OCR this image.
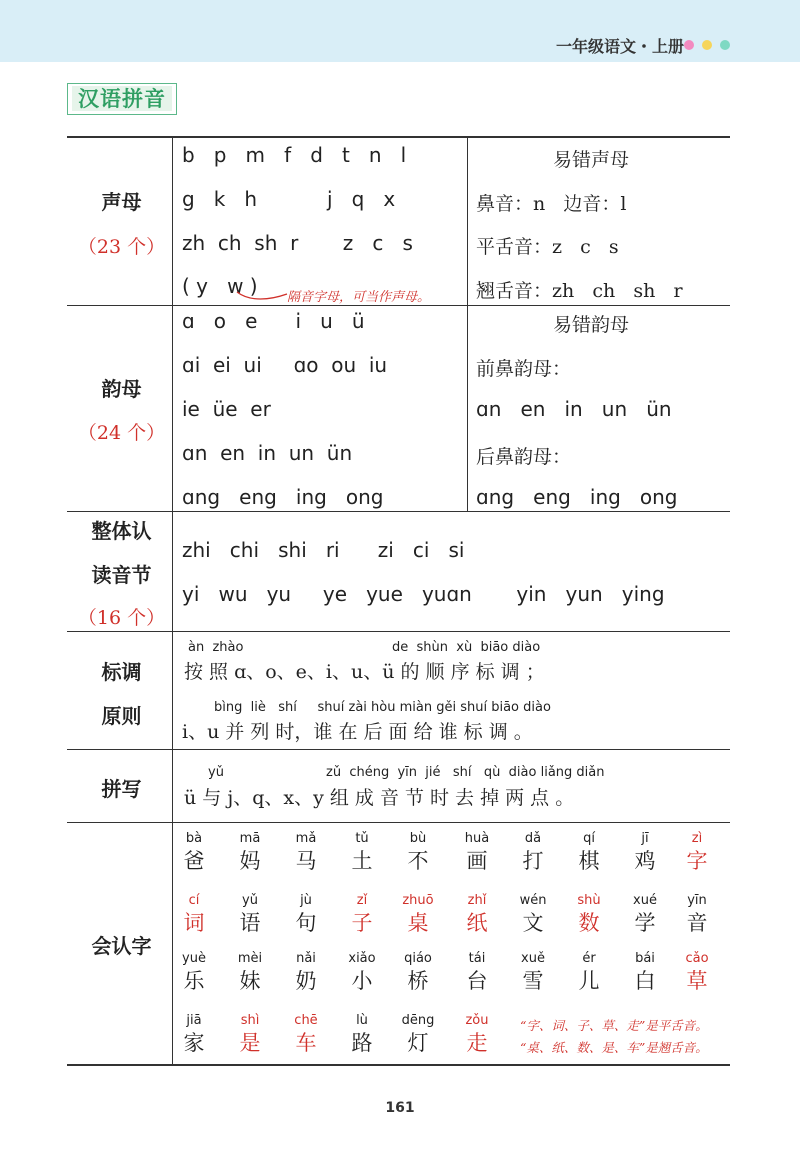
一年级语文・上册
汉语拼音
声母
（23 个）
b   p   m   f   d   t   n   l
g   k   h           j   q   x
zh  ch  sh  r       z   c   s
( y   w ) 隔音字母，可当作声母。
易错声母
鼻音：n   边音：l
平舌音：z   c   s
翘舌音：zh   ch   sh   r
韵母
（24 个）
ɑ   o   e      i   u   ü
ɑi  ei  ui     ɑo  ou  iu
ie  üe  er
ɑn  en  in  un  ün
ɑng   eng   ing   ong
易错韵母
前鼻韵母：
ɑn   en   in   un   ün
后鼻韵母：
ɑng   eng   ing   ong
整体认
读音节
（16 个）
zhi   chi   shi   ri      zi   ci   si
yi   wu   yu     ye   yue   yuɑn       yin   yun   ying
标调
原则
àn  zhào	de  shùn  xù  biāo diào
按 照 ɑ、o、e、i、u、ü 的 顺 序 标 调 ；
bìng  liè   shí     shuí zài hòu miàn gěi shuí biāo diào
i、u 并 列 时，谁 在 后 面 给 谁 标 调 。
拼写
yǔ	zǔ  chéng  yīn  jié   shí   qù  diào liǎng diǎn
ü 与 j、q、x、y 组 成 音 节 时 去 掉 两 点 。
会认字
bà
爸
mā
妈
mǎ
马
tǔ
土
bù
不
huà
画
dǎ
打
qí
棋
jī
鸡
zì
字
cí
词
yǔ
语
jù
句
zǐ
子
zhuō
桌
zhǐ
纸
wén
文
shù
数
xué
学
yīn
音
yuè
乐
mèi
妹
nǎi
奶
xiǎo
小
qiáo
桥
tái
台
xuě
雪
ér
儿
bái
白
cǎo
草
jiā
家
shì
是
chē
车
lù
路
dēng
灯
zǒu
走
“字、词、子、草、走”是平舌音。
“桌、纸、数、是、车”是翘舌音。
161
